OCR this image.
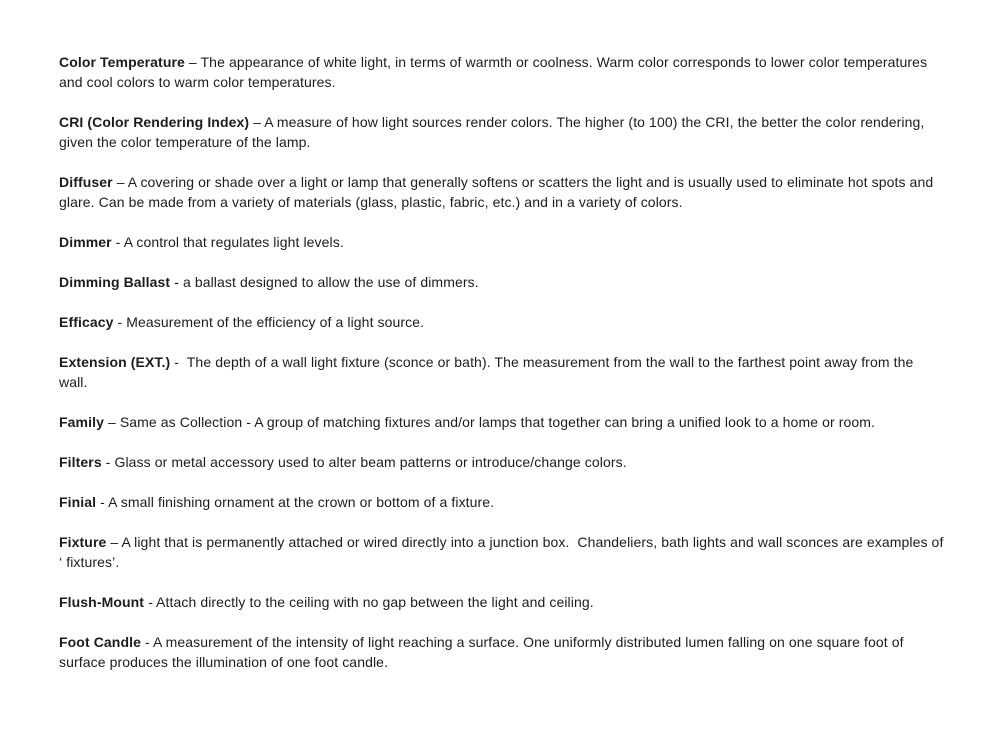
Color Temperature – The appearance of white light, in terms of warmth or coolness. Warm color corresponds to lower color temperatures and cool colors to warm color temperatures.

CRI (Color Rendering Index) – A measure of how light sources render colors. The higher (to 100) the CRI, the better the color rendering, given the color temperature of the lamp.

Diffuser – A covering or shade over a light or lamp that generally softens or scatters the light and is usually used to eliminate hot spots and glare. Can be made from a variety of materials (glass, plastic, fabric, etc.) and in a variety of colors.

Dimmer - A control that regulates light levels.

Dimming Ballast - a ballast designed to allow the use of dimmers.

Efficacy - Measurement of the efficiency of a light source.

Extension (EXT.) -  The depth of a wall light fixture (sconce or bath). The measurement from the wall to the farthest point away from the wall.

Family – Same as Collection - A group of matching fixtures and/or lamps that together can bring a unified look to a home or room.

Filters - Glass or metal accessory used to alter beam patterns or introduce/change colors.

Finial - A small finishing ornament at the crown or bottom of a fixture.

Fixture – A light that is permanently attached or wired directly into a junction box.  Chandeliers, bath lights and wall sconces are examples of ‘ fixtures’.

Flush-Mount - Attach directly to the ceiling with no gap between the light and ceiling.

Foot Candle - A measurement of the intensity of light reaching a surface. One uniformly distributed lumen falling on one square foot of surface produces the illumination of one foot candle.
